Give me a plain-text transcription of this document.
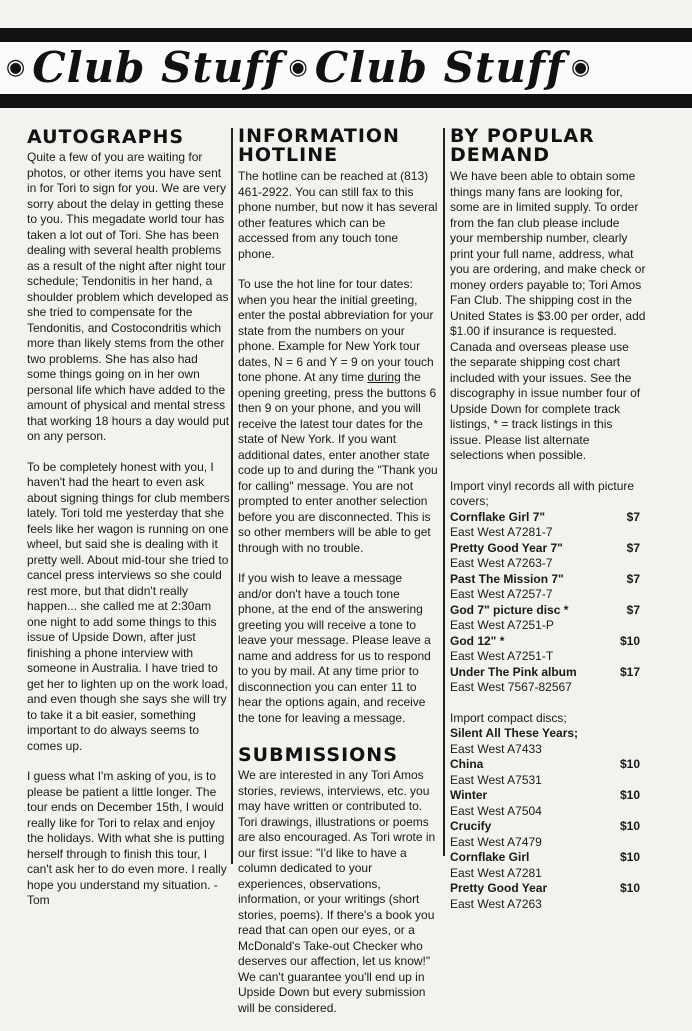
◉ Club Stuff ◉ Club Stuff ◉
AUTOGRAPHS

Quite a few of you are waiting for photos, or other items you have sent in for Tori to sign for you. We are very sorry about the delay in getting these to you. This megadate world tour has taken a lot out of Tori. She has been dealing with several health problems as a result of the night after night tour schedule; Tendonitis in her hand, a shoulder problem which developed as she tried to compensate for the Tendonitis, and Costocondritis which more than likely stems from the other two problems. She has also had some things going on in her own personal life which have added to the amount of physical and mental stress that working 18 hours a day would put on any person.

To be completely honest with you, I haven't had the heart to even ask about signing things for club members lately. Tori told me yesterday that she feels like her wagon is running on one wheel, but said she is dealing with it pretty well. About mid-tour she tried to cancel press interviews so she could rest more, but that didn't really happen... she called me at 2:30am one night to add some things to this issue of Upside Down, after just finishing a phone interview with someone in Australia. I have tried to get her to lighten up on the work load, and even though she says she will try to take it a bit easier, something important to do always seems to comes up.

I guess what I'm asking of you, is to please be patient a little longer. The tour ends on December 15th, I would really like for Tori to relax and enjoy the holidays. With what she is putting herself through to finish this tour, I can't ask her to do even more. I really hope you understand my situation. - Tom

INFORMATION HOTLINE

The hotline can be reached at (813) 461-2922. You can still fax to this phone number, but now it has several other features which can be accessed from any touch tone phone.

To use the hot line for tour dates: when you hear the initial greeting, enter the postal abbreviation for your state from the numbers on your phone. Example for New York tour dates, N = 6 and Y = 9 on your touch tone phone. At any time during the opening greeting, press the buttons 6 then 9 on your phone, and you will receive the latest tour dates for the state of New York. If you want additional dates, enter another state code up to and during the "Thank you for calling" message. You are not prompted to enter another selection before you are disconnected. This is so other members will be able to get through with no trouble.

If you wish to leave a message and/or don't have a touch tone phone, at the end of the answering greeting you will receive a tone to leave your message. Please leave a name and address for us to respond to you by mail. At any time prior to disconnection you can enter 11 to hear the options again, and receive the tone for leaving a message.

SUBMISSIONS

We are interested in any Tori Amos stories, reviews, interviews, etc. you may have written or contributed to. Tori drawings, illustrations or poems are also encouraged. As Tori wrote in our first issue: "I'd like to have a column dedicated to your experiences, observations, information, or your writings (short stories, poems). If there's a book you read that can open our eyes, or a McDonald's Take-out Checker who deserves our affection, let us know!" We can't guarantee you'll end up in Upside Down but every submission will be considered.

BY POPULAR DEMAND

We have been able to obtain some things many fans are looking for, some are in limited supply. To order from the fan club please include your membership number, clearly print your full name, address, what you are ordering, and make check or money orders payable to; Tori Amos Fan Club. The shipping cost in the United States is $3.00 per order, add $1.00 if insurance is requested. Canada and overseas please use the separate shipping cost chart included with your issues. See the discography in issue number four of Upside Down for complete track listings, * = track listings in this issue. Please list alternate selections when possible.

Import vinyl records all with picture covers;
Cornflake Girl 7"	$7
East West A7281-7
Pretty Good Year 7"	$7
East West A7263-7
Past The Mission 7"	$7
East West A7257-7
God 7" picture disc *	$7
East West A7251-P
God 12" *	$10
East West A7251-T
Under The Pink album	$17
East West 7567-82567
Import compact discs;
Silent All These Years;
East West A7433
China	$10
East West A7531
Winter	$10
East West A7504
Crucify	$10
East West A7479
Cornflake Girl	$10
East West A7281
Pretty Good Year	$10
East West A7263
